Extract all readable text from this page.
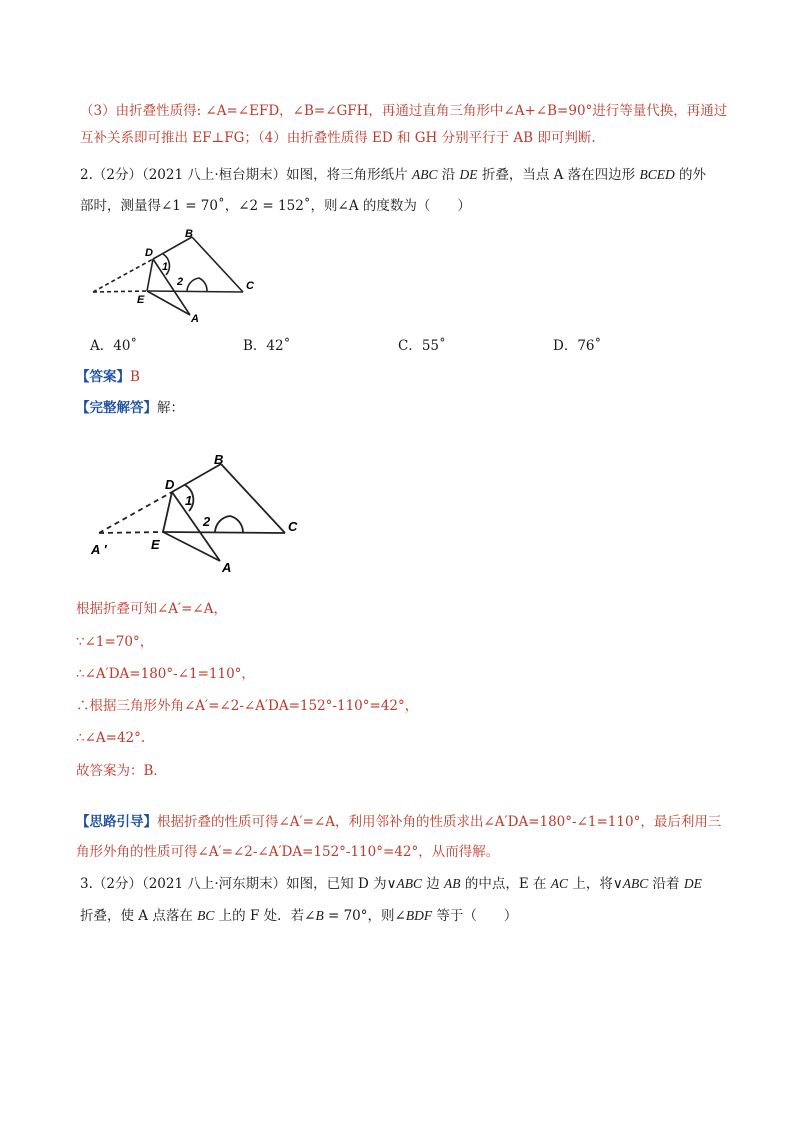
（3）由折叠性质得: ∠A=∠EFD，∠B=∠GFH，再通过直角三角形中∠A+∠B=90°进行等量代换，再通过
互补关系即可推出 EF⊥FG；（4）由折叠性质得 ED 和 GH 分别平行于 AB 即可判断.
2.（2分）（2021 八上·桓台期末）如图，将三角形纸片 ABC 沿 DE 折叠，当点 A 落在四边形 BCED 的外
部时，测量得∠1 = 70˚，∠2 = 152˚，则∠A 的度数为（　　）
B
C
D
E
A
1
2
A．40˚	B．42˚	C．55˚	D．76˚
【答案】B
【完整解答】解：
B
C
D
E
A
A ′
1
2
根据折叠可知∠A′=∠A，
∵∠1=70°，
∴∠A′DA=180°-∠1=110°，
∴根据三角形外角∠A′=∠2-∠A′DA=152°-110°=42°，
∴∠A=42°.
故答案为：B．
【思路引导】根据折叠的性质可得∠A′=∠A，利用邻补角的性质求出∠A′DA=180°-∠1=110°，最后利用三
角形外角的性质可得∠A′=∠2-∠A′DA=152°-110°=42°，从而得解。
3.（2分）（2021 八上·河东期末）如图，已知 D 为∨ABC 边 AB 的中点，E 在 AC 上，将∨ABC 沿着 DE
折叠，使 A 点落在 BC 上的 F 处．若∠B = 70°，则∠BDF 等于（　　）
